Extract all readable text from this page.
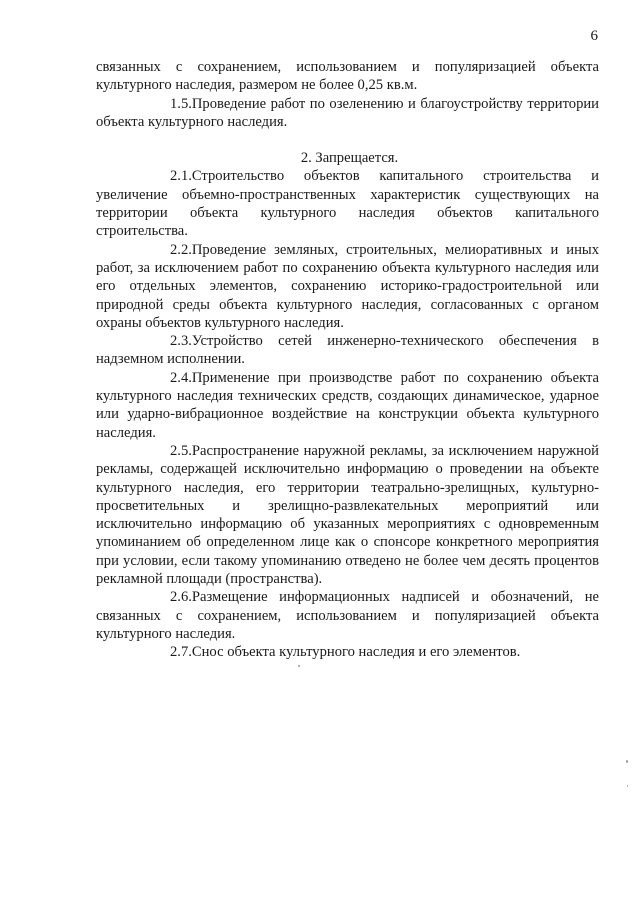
6

связанных с сохранением, использованием и популяризацией объекта культурного наследия, размером не более 0,25 кв.м.

1.5.Проведение работ по озеленению и благоустройству территории объекта культурного наследия.

2. Запрещается.

2.1.Строительство объектов капитального строительства и увеличение объемно-пространственных характеристик существующих на территории объекта культурного наследия объектов капитального строительства.

2.2.Проведение земляных, строительных, мелиоративных и иных работ, за исключением работ по сохранению объекта культурного наследия или его отдельных элементов, сохранению историко-градостроительной или природной среды объекта культурного наследия, согласованных с органом охраны объектов культурного наследия.

2.3.Устройство сетей инженерно-технического обеспечения в надземном исполнении.

2.4.Применение при производстве работ по сохранению объекта культурного наследия технических средств, создающих динамическое, ударное или ударно-вибрационное воздействие на конструкции объекта культурного наследия.

2.5.Распространение наружной рекламы, за исключением наружной рекламы, содержащей исключительно информацию о проведении на объекте культурного наследия, его территории театрально-зрелищных, культурно-просветительных и зрелищно-развлекательных мероприятий или исключительно информацию об указанных мероприятиях с одновременным упоминанием об определенном лице как о спонсоре конкретного мероприятия при условии, если такому упоминанию отведено не более чем десять процентов рекламной площади (пространства).

2.6.Размещение информационных надписей и обозначений, не связанных с сохранением, использованием и популяризацией объекта культурного наследия.

2.7.Снос объекта культурного наследия и его элементов.
